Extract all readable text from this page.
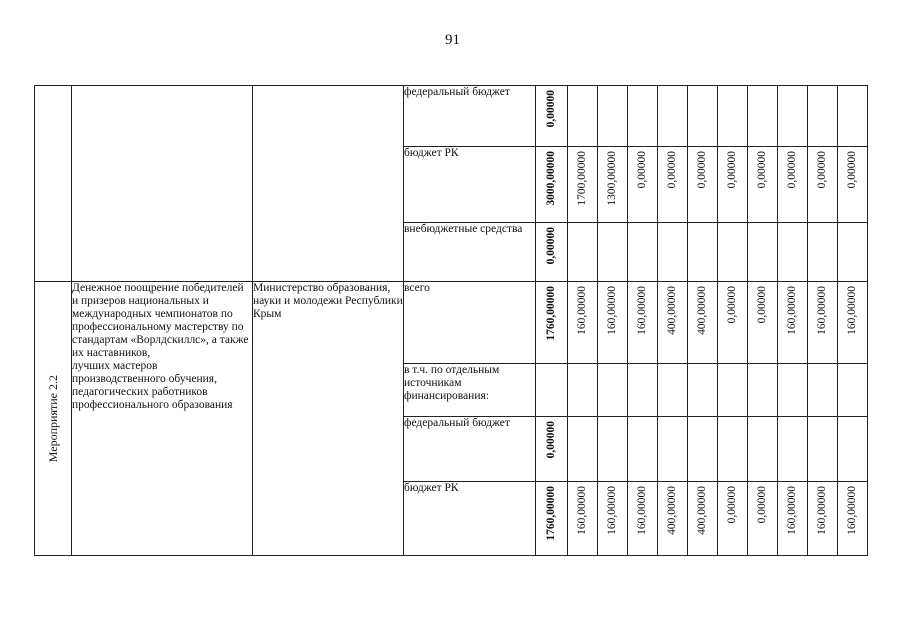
91
			федеральный бюджет	0,00000										

			бюджет РК	3000,00000	1700,00000	1300,00000	0,00000	0,00000	0,00000	0,00000	0,00000	0,00000	0,00000	0,00000

			внебюджетные средства	0,00000										

Мероприятие 2.2	Денежное поощрение победителей и призеров национальных и международных чемпионатов по профессиональному мастерству по стандартам «Ворлдскиллс», а также их наставников,
лучших мастеров производственного обучения, педагогических работников профессионального образования	Министерство образования, науки и молодежи Республики Крым	всего	1760,00000	160,00000	160,00000	160,00000	400,00000	400,00000	0,00000	0,00000	160,00000	160,00000	160,00000

			в т.ч. по отдельным источникам финансирования:	

			федеральный бюджет	0,00000										

			бюджет РК	1760,00000	160,00000	160,00000	160,00000	400,00000	400,00000	0,00000	0,00000	160,00000	160,00000	160,00000
